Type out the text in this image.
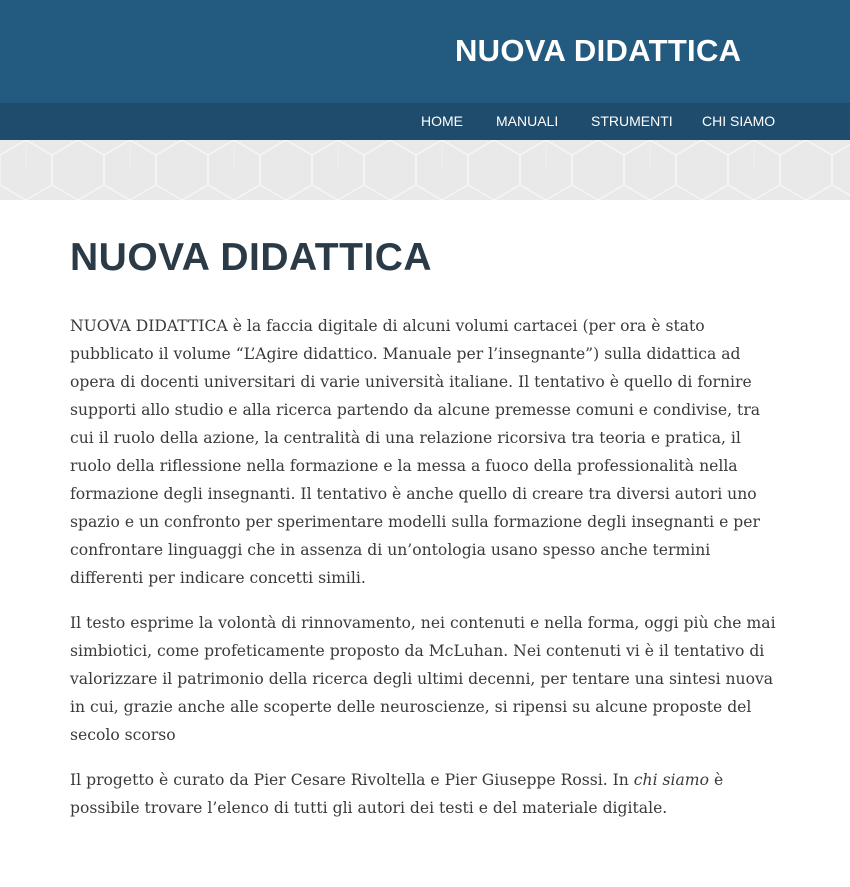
NUOVA DIDATTICA
HOME MANUALI STRUMENTI CHI SIAMO
NUOVA DIDATTICA

NUOVA DIDATTICA è la faccia digitale di alcuni volumi cartacei (per ora è stato pubblicato il volume “L’Agire didattico. Manuale per l’insegnante”) sulla didattica ad opera di docenti universitari di varie università italiane. Il tentativo è quello di fornire supporti allo studio e alla ricerca partendo da alcune premesse comuni e condivise, tra cui il ruolo della azione, la centralità di una relazione ricorsiva tra teoria e pratica, il ruolo della riflessione nella formazione e la messa a fuoco della professionalità nella formazione degli insegnanti. Il tentativo è anche quello di creare tra diversi autori uno spazio e un confronto per sperimentare modelli sulla formazione degli insegnanti e per confrontare linguaggi che in assenza di un’ontologia usano spesso anche termini differenti per indicare concetti simili.

Il testo esprime la volontà di rinnovamento, nei contenuti e nella forma, oggi più che mai simbiotici, come profeticamente proposto da McLuhan. Nei contenuti vi è il tentativo di valorizzare il patrimonio della ricerca degli ultimi decenni, per tentare una sintesi nuova in cui, grazie anche alle scoperte delle neuroscienze, si ripensi su alcune proposte del secolo scorso

Il progetto è curato da Pier Cesare Rivoltella e Pier Giuseppe Rossi. In chi siamo è possibile trovare l’elenco di tutti gli autori dei testi e del materiale digitale.
